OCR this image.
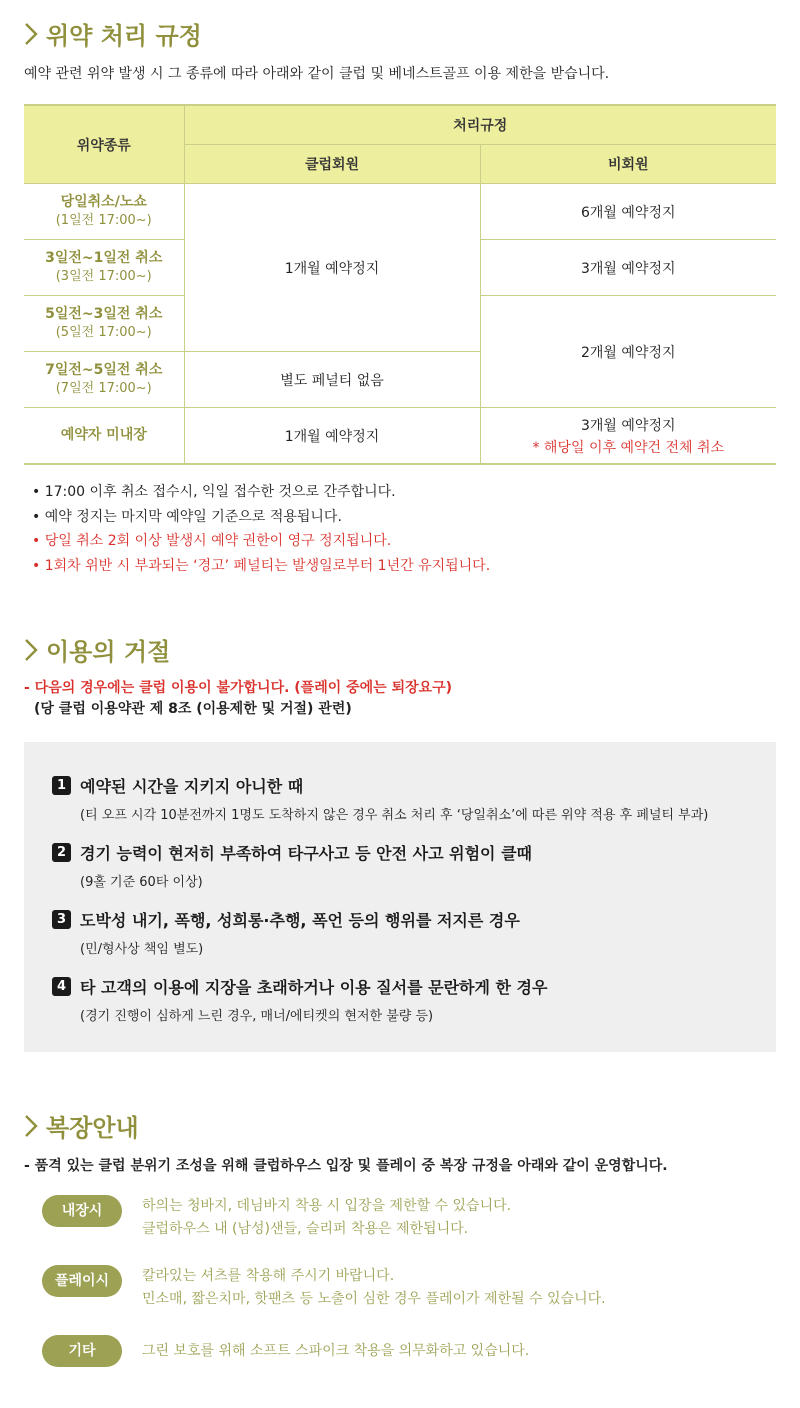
위약 처리 규정
예약 관련 위약 발생 시 그 종류에 따라 아래와 같이 클럽 및 베네스트골프 이용 제한을 받습니다.
위약종류	처리규정	
	클럽회원	비회원
당일취소/노쇼
(1일전 17:00~)	1개월 예약정지	6개월 예약정지
3일전~1일전 취소
(3일전 17:00~)		3개월 예약정지
5일전~3일전 취소
(5일전 17:00~)		2개월 예약정지
7일전~5일전 취소
(7일전 17:00~)	별도 페널티 없음	
예약자 미내장	1개월 예약정지	3개월 예약정지
* 해당일 이후 예약건 전체 취소
• 17:00 이후 취소 접수시, 익일 접수한 것으로 간주합니다.
• 예약 정지는 마지막 예약일 기준으로 적용됩니다.
• 당일 취소 2회 이상 발생시 예약 권한이 영구 정지됩니다.
• 1회차 위반 시 부과되는 ‘경고’ 페널티는 발생일로부터 1년간 유지됩니다.
이용의 거절
- 다음의 경우에는 클럽 이용이 불가합니다. (플레이 중에는 퇴장요구)
(당 클럽 이용약관 제 8조 (이용제한 및 거절) 관련)
1 예약된 시간을 지키지 아니한 때
(티 오프 시각 10분전까지 1명도 도착하지 않은 경우 취소 처리 후 ‘당일취소’에 따른 위약 적용 후 페널티 부과)
2 경기 능력이 현저히 부족하여 타구사고 등 안전 사고 위험이 클때
(9홀 기준 60타 이상)
3 도박성 내기, 폭행, 성희롱·추행, 폭언 등의 행위를 저지른 경우
(민/형사상 책임 별도)
4 타 고객의 이용에 지장을 초래하거나 이용 질서를 문란하게 한 경우
(경기 진행이 심하게 느린 경우, 매너/에티켓의 현저한 불량 등)
복장안내
- 품격 있는 클럽 분위기 조성을 위해 클럽하우스 입장 및 플레이 중 복장 규정을 아래와 같이 운영합니다.
내장시	하의는 청바지, 데님바지 착용 시 입장을 제한할 수 있습니다.
클럽하우스 내 (남성)샌들, 슬리퍼 착용은 제한됩니다.
플레이시	칼라있는 셔츠를 착용해 주시기 바랍니다.
민소매, 짧은치마, 핫팬츠 등 노출이 심한 경우 플레이가 제한될 수 있습니다.
기타	그린 보호를 위해 소프트 스파이크 착용을 의무화하고 있습니다.
